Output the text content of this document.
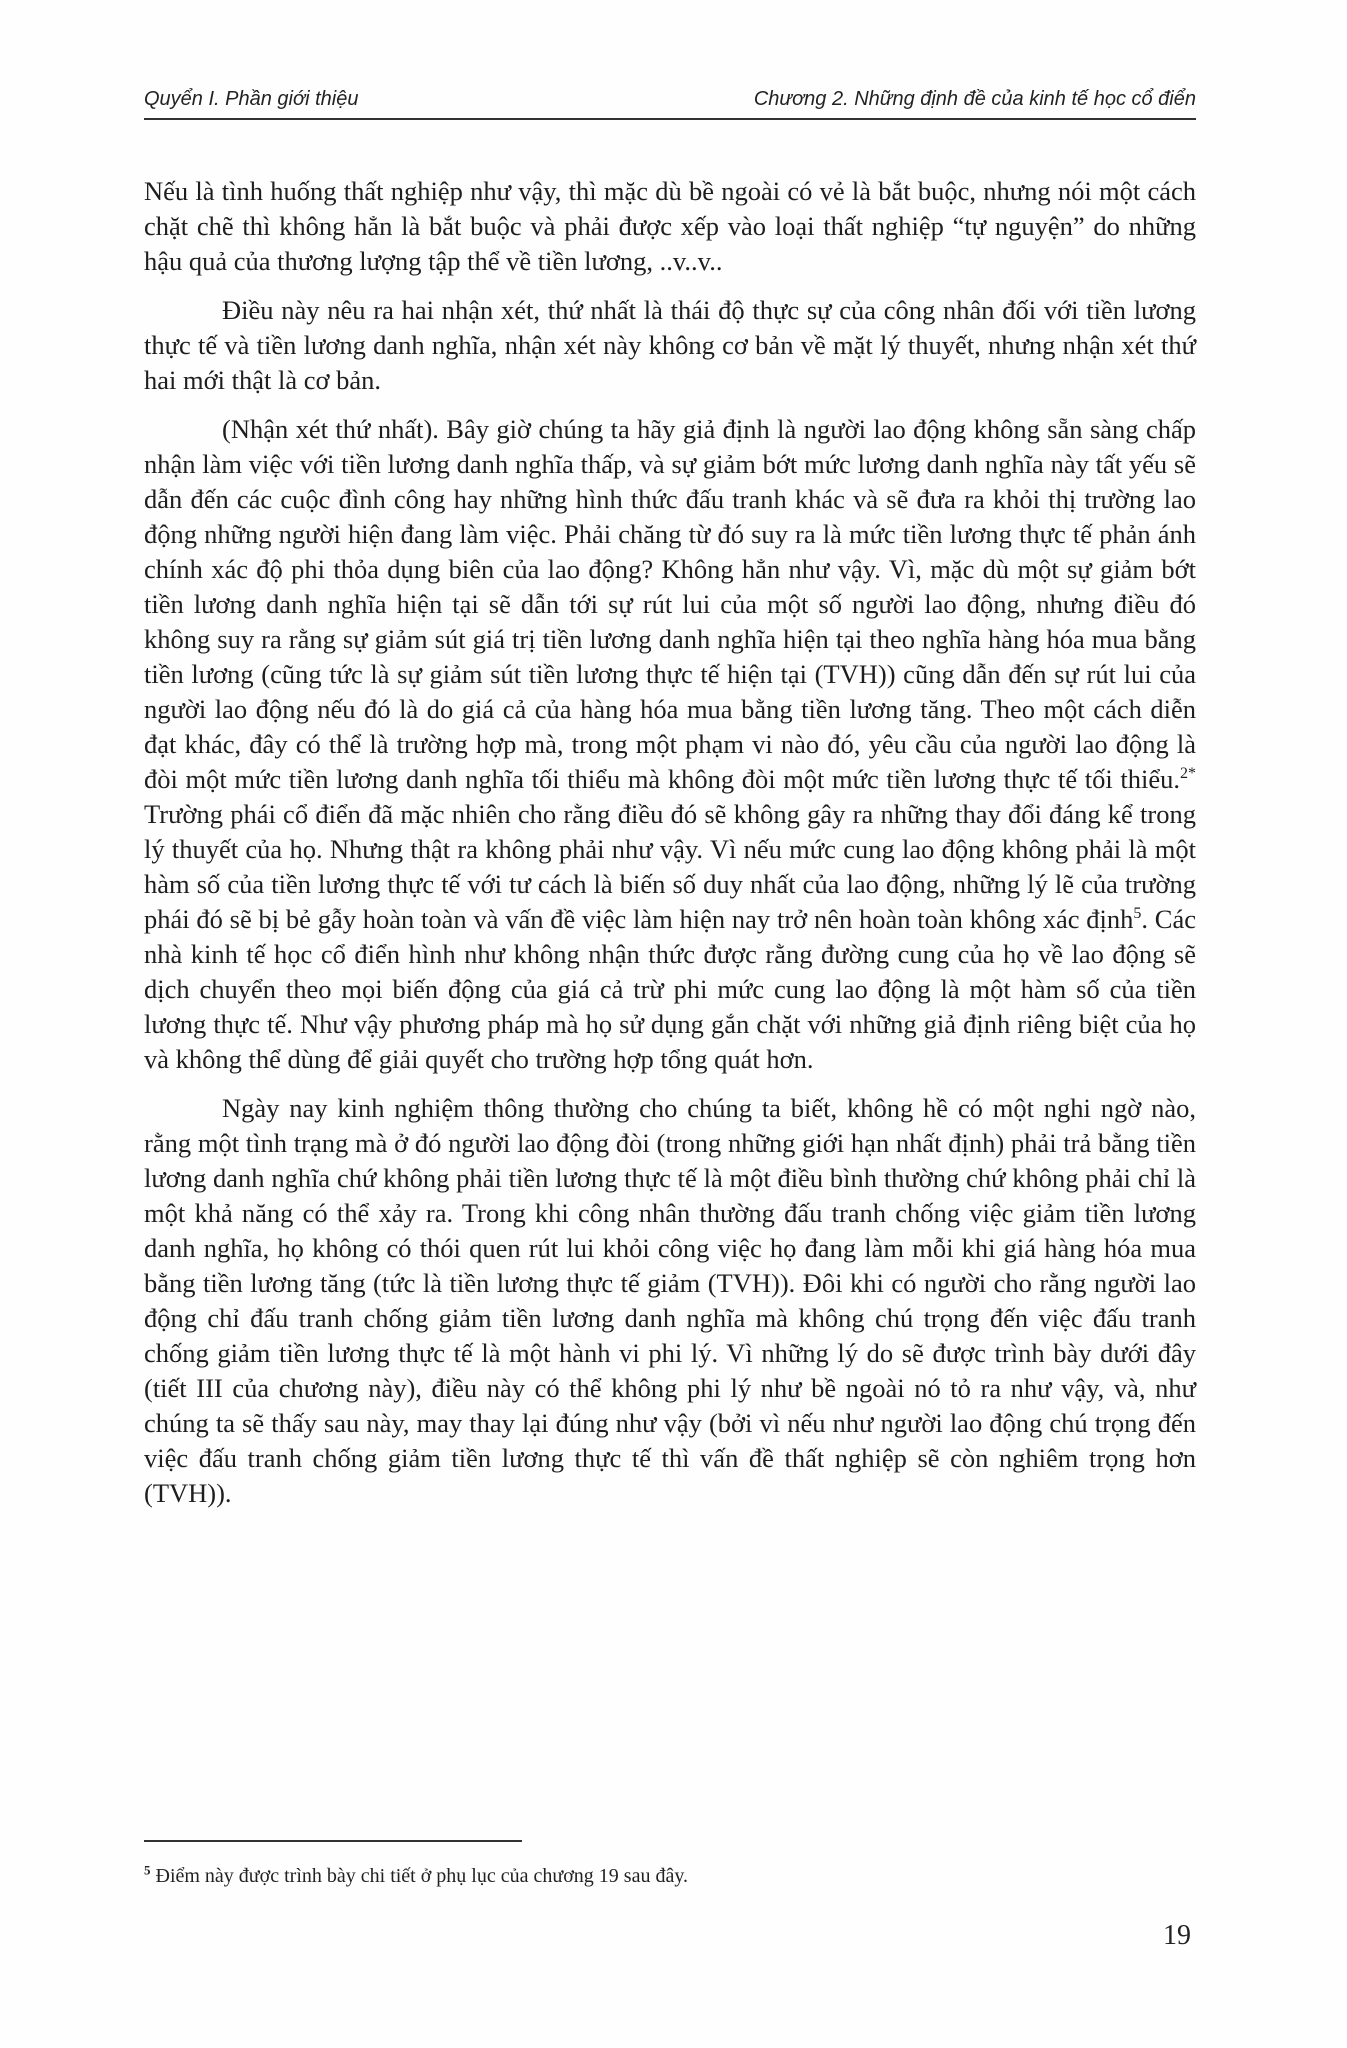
Quyển I. Phần giới thiệu	Chương 2. Những định đề của kinh tế học cổ điển

Nếu là tình huống thất nghiệp như vậy, thì mặc dù bề ngoài có vẻ là bắt buộc, nhưng nói một cách chặt chẽ thì không hẳn là bắt buộc và phải được xếp vào loại thất nghiệp “tự nguyện” do những hậu quả của thương lượng tập thể về tiền lương, ..v..v..

Điều này nêu ra hai nhận xét, thứ nhất là thái độ thực sự của công nhân đối với tiền lương thực tế và tiền lương danh nghĩa, nhận xét này không cơ bản về mặt lý thuyết, nhưng nhận xét thứ hai mới thật là cơ bản.

(Nhận xét thứ nhất). Bây giờ chúng ta hãy giả định là người lao động không sẵn sàng chấp nhận làm việc với tiền lương danh nghĩa thấp, và sự giảm bớt mức lương danh nghĩa này tất yếu sẽ dẫn đến các cuộc đình công hay những hình thức đấu tranh khác và sẽ đưa ra khỏi thị trường lao động những người hiện đang làm việc. Phải chăng từ đó suy ra là mức tiền lương thực tế phản ánh chính xác độ phi thỏa dụng biên của lao động? Không hẳn như vậy. Vì, mặc dù một sự giảm bớt tiền lương danh nghĩa hiện tại sẽ dẫn tới sự rút lui của một số người lao động, nhưng điều đó không suy ra rằng sự giảm sút giá trị tiền lương danh nghĩa hiện tại theo nghĩa hàng hóa mua bằng tiền lương (cũng tức là sự giảm sút tiền lương thực tế hiện tại (TVH)) cũng dẫn đến sự rút lui của người lao động nếu đó là do giá cả của hàng hóa mua bằng tiền lương tăng. Theo một cách diễn đạt khác, đây có thể là trường hợp mà, trong một phạm vi nào đó, yêu cầu của người lao động là đòi một mức tiền lương danh nghĩa tối thiểu mà không đòi một mức tiền lương thực tế tối thiểu.$^{2*}$ Trường phái cổ điển đã mặc nhiên cho rằng điều đó sẽ không gây ra những thay đổi đáng kể trong lý thuyết của họ. Nhưng thật ra không phải như vậy. Vì nếu mức cung lao động không phải là một hàm số của tiền lương thực tế với tư cách là biến số duy nhất của lao động, những lý lẽ của trường phái đó sẽ bị bẻ gẫy hoàn toàn và vấn đề việc làm hiện nay trở nên hoàn toàn không xác định$^5$. Các nhà kinh tế học cổ điển hình như không nhận thức được rằng đường cung của họ về lao động sẽ dịch chuyển theo mọi biến động của giá cả trừ phi mức cung lao động là một hàm số của tiền lương thực tế. Như vậy phương pháp mà họ sử dụng gắn chặt với những giả định riêng biệt của họ và không thể dùng để giải quyết cho trường hợp tổng quát hơn.

Ngày nay kinh nghiệm thông thường cho chúng ta biết, không hề có một nghi ngờ nào, rằng một tình trạng mà ở đó người lao động đòi (trong những giới hạn nhất định) phải trả bằng tiền lương danh nghĩa chứ không phải tiền lương thực tế là một điều bình thường chứ không phải chỉ là một khả năng có thể xảy ra. Trong khi công nhân thường đấu tranh chống việc giảm tiền lương danh nghĩa, họ không có thói quen rút lui khỏi công việc họ đang làm mỗi khi giá hàng hóa mua bằng tiền lương tăng (tức là tiền lương thực tế giảm (TVH)). Đôi khi có người cho rằng người lao động chỉ đấu tranh chống giảm tiền lương danh nghĩa mà không chú trọng đến việc đấu tranh chống giảm tiền lương thực tế là một hành vi phi lý. Vì những lý do sẽ được trình bày dưới đây (tiết III của chương này), điều này có thể không phi lý như bề ngoài nó tỏ ra như vậy, và, như chúng ta sẽ thấy sau này, may thay lại đúng như vậy (bởi vì nếu như người lao động chú trọng đến việc đấu tranh chống giảm tiền lương thực tế thì vấn đề thất nghiệp sẽ còn nghiêm trọng hơn (TVH)).

$^5$ Điểm này được trình bày chi tiết ở phụ lục của chương 19 sau đây.
19
